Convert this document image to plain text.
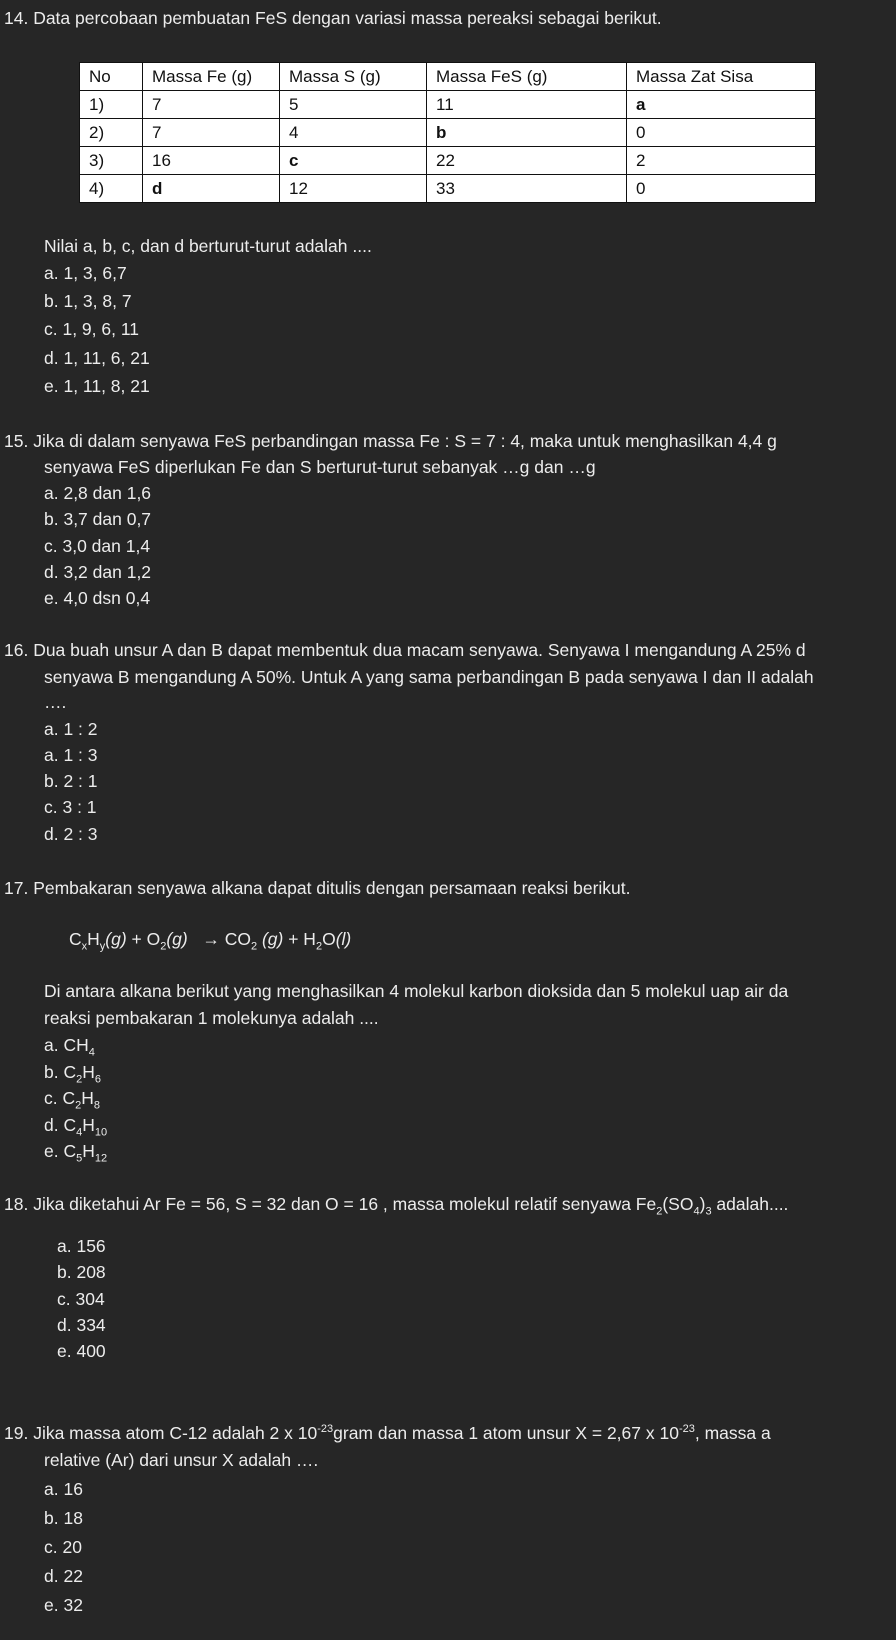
14. Data percobaan pembuatan FeS dengan variasi massa pereaksi sebagai berikut.
No	Massa Fe (g)	Massa S (g)	Massa FeS (g)	Massa Zat Sisa
1)	7	5	11	a
2)	7	4	b	0
3)	16	c	22	2
4)	d	12	33	0
Nilai a, b, c, dan d berturut-turut adalah ....
a. 1, 3, 6,7
b. 1, 3, 8, 7
c. 1, 9, 6, 11
d. 1, 11, 6, 21
e. 1, 11, 8, 21
15. Jika di dalam senyawa FeS perbandingan massa Fe : S = 7 : 4, maka untuk menghasilkan 4,4 g
senyawa FeS diperlukan Fe dan S berturut-turut sebanyak …g dan …g
a. 2,8 dan 1,6
b. 3,7 dan 0,7
c. 3,0 dan 1,4
d. 3,2 dan 1,2
e. 4,0 dsn 0,4
16. Dua buah unsur A dan B dapat membentuk dua macam senyawa. Senyawa I mengandung A 25% d
senyawa B mengandung A 50%. Untuk A yang sama perbandingan B pada senyawa I dan II adalah
….
a. 1 : 2
a. 1 : 3
b. 2 : 1
c. 3 : 1
d. 2 : 3
17. Pembakaran senyawa alkana dapat ditulis dengan persamaan reaksi berikut.
$C_xH_y(g) + O_2(g) \to CO_2$ $(g) + H_2O(l)$
Di antara alkana berikut yang menghasilkan 4 molekul karbon dioksida dan 5 molekul uap air da
reaksi pembakaran 1 molekunya adalah ....
a. $CH_4$
b. $C_2H_6$
c. $C_2H_8$
d. $C_4H_{10}$
e. $C_5H_{12}$
18. Jika diketahui Ar Fe = 56, S = 32 dan O = 16 , massa molekul relatif senyawa $Fe_2(SO_4)_3$ adalah....
a. 156
b. 208
c. 304
d. 334
e. 400
19. Jika massa atom C-12 adalah 2 x $10^{-23}gram$ dan massa 1 atom unsur X = 2,67 x $10^{-23}$, massa a
relative (Ar) dari unsur X adalah ….
a. 16
b. 18
c. 20
d. 22
e. 32
